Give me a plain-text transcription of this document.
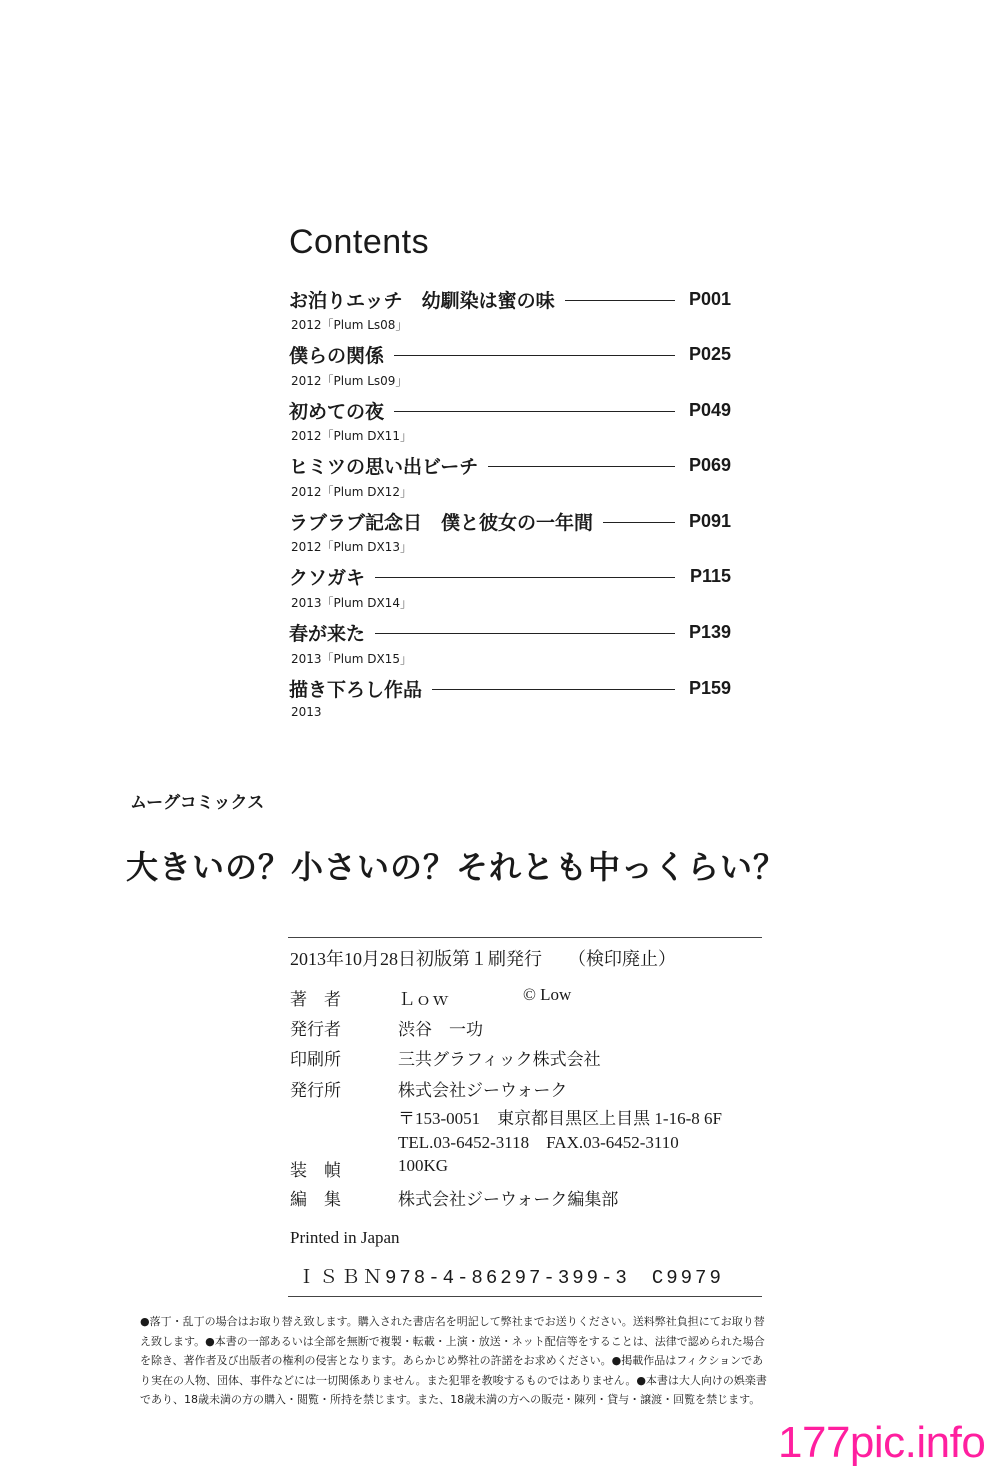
Contents
お泊りエッチ　幼馴染は蜜の味	P001
2012「Plum Ls08」
僕らの関係	P025
2012「Plum Ls09」
初めての夜	P049
2012「Plum DX11」
ヒミツの思い出ビーチ	P069
2012「Plum DX12」
ラブラブ記念日　僕と彼女の一年間	P091
2012「Plum DX13」
クソガキ	P115
2013「Plum DX14」
春が来た	P139
2013「Plum DX15」
描き下ろし作品	P159
2013
ムーグコミックス
大きいの？小さいの？それとも中っくらい？
2013年10月28日初版第１刷発行 （検印廃止）
著　者	Ｌｏｗ	© Low
発行者	渋谷　一功
印刷所	三共グラフィック株式会社
発行所	株式会社ジーウォーク
〒153-0051　東京都目黒区上目黒 1-16-8 6F
TEL.03-6452-3118　FAX.03-6452-3110
装　幀	100KG
編　集	株式会社ジーウォーク編集部
Printed in Japan
ＩＳＢＮ978-4-86297-399-3　C9979
●落丁・乱丁の場合はお取り替え致します。購入された書店名を明記して弊社までお送りください。送料弊社負担にてお取り替
え致します。●本書の一部あるいは全部を無断で複製・転載・上演・放送・ネット配信等をすることは、法律で認められた場合
を除き、著作者及び出版者の権利の侵害となります。あらかじめ弊社の許諾をお求めください。●掲載作品はフィクションであ
り実在の人物、団体、事件などには一切関係ありません。また犯罪を教唆するものではありません。●本書は大人向けの娯楽書
であり、18歳未満の方の購入・閲覧・所持を禁じます。また、18歳未満の方への販売・陳列・貸与・譲渡・回覧を禁じます。
177pic.info
